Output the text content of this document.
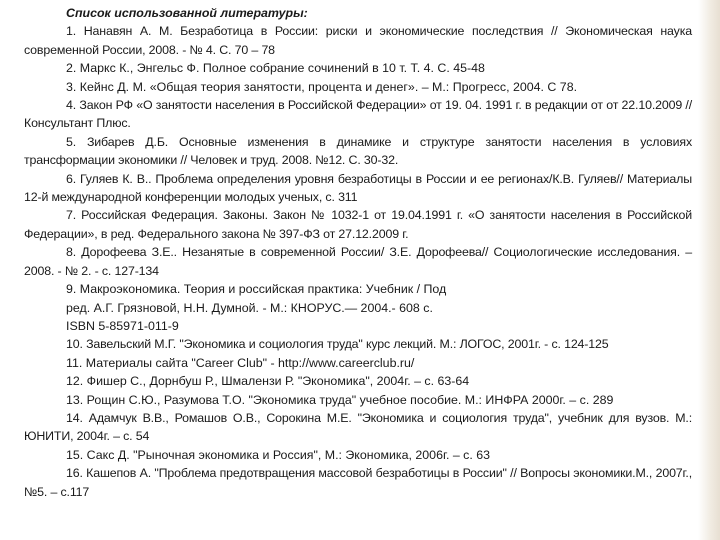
Список использованной литературы:

1. Нанавян А. М. Безработица в России: риски и экономические последствия // Экономическая наука современной России, 2008. - № 4. С. 70 – 78
2. Маркс К., Энгельс Ф. Полное собрание сочинений в 10 т. Т. 4. С. 45-48
3. Кейнс Д. М. «Общая теория занятости, процента и денег». – М.: Прогресс, 2004. С 78.
4. Закон РФ «О занятости населения в Российской Федерации» от 19. 04. 1991 г. в редакции от от 22.10.2009 // Консультант Плюс.
5. Зибарев Д.Б. Основные изменения в динамике и структуре занятости населения в условиях трансформации экономики // Человек и труд. 2008. №12. С. 30-32.
6. Гуляев К. В.. Проблема определения уровня безработицы в России и ее регионах/К.В. Гуляев// Материалы 12-й международной конференции молодых ученых, с. 311
7. Российская Федерация. Законы. Закон № 1032-1 от 19.04.1991 г. «О занятости населения в Российской Федерации», в ред. Федерального закона № 397-ФЗ от 27.12.2009 г.
8. Дорофеева З.Е.. Незанятые в современной России/ З.Е. Дорофеева// Социологические исследования. – 2008. - № 2. - с. 127-134
9. Макроэкономика. Теория и российская практика: Учебник / Под
ред. А.Г. Грязновой, Н.Н. Думной. - М.: КНОРУС.— 2004.- 608 с.
ISBN 5-85971-011-9
10. Завельский М.Г. "Экономика и социология труда" курс лекций. М.: ЛОГОС, 2001г. - с. 124-125
11. Материалы сайта "Career Club" - http://www.careerclub.ru/
12. Фишер С., Дорнбуш Р., Шмалензи Р. "Экономика", 2004г. – с. 63-64
13. Рощин С.Ю., Разумова Т.О. "Экономика труда" учебное пособие. М.: ИНФРА 2000г. – с. 289
14. Адамчук В.В., Ромашов О.В., Сорокина М.Е. "Экономика и социология труда", учебник для вузов. М.: ЮНИТИ, 2004г. – с. 54
15. Сакс Д. "Рыночная экономика и Россия", М.: Экономика, 2006г. – с. 63
16. Кашепов А. "Проблема предотвращения массовой безработицы в России" // Вопросы экономики.М., 2007г., №5. – с.117
